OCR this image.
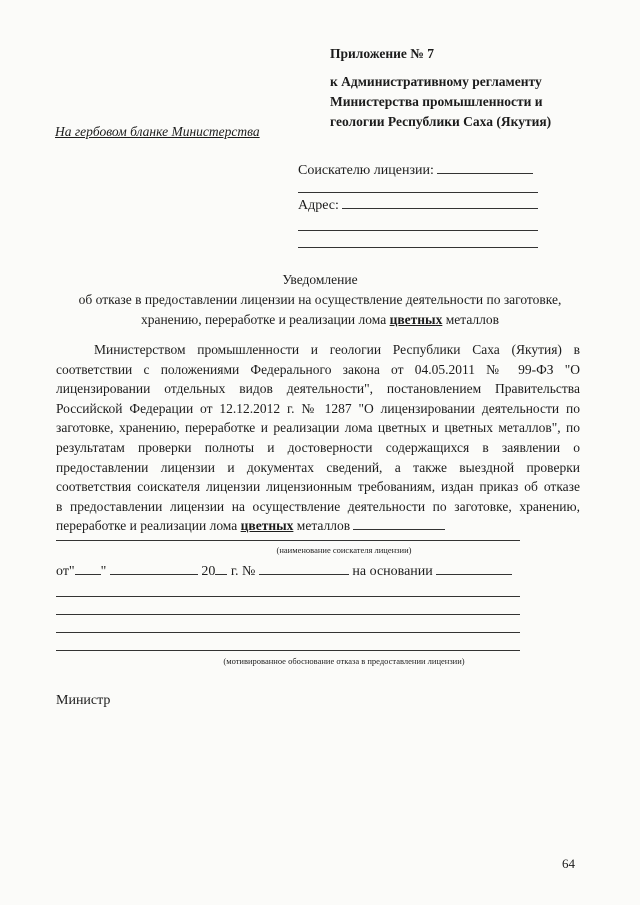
Приложение № 7
к Административному регламенту
Министерства промышленности и
геологии Республики Саха (Якутия)
На гербовом бланке Министерства
Соискателю лицензии:
Адрес:
Уведомление
об отказе в предоставлении лицензии на осуществление деятельности по заготовке,
хранению, переработке и реализации лома цветных металлов
Министерством промышленности и геологии Республики Саха (Якутия) в
соответствии с положениями Федерального закона от 04.05.2011 № 99-ФЗ "О
лицензировании отдельных видов деятельности", постановлением Правительства
Российской Федерации от 12.12.2012 г. № 1287 "О лицензировании деятельности по
заготовке, хранению, переработке и реализации лома цветных и цветных металлов", по
результатам проверки полноты и достоверности содержащихся в заявлении о
предоставлении лицензии и документах сведений, а также выездной проверки
соответствия соискателя лицензии лицензионным требованиям, издан приказ об отказе
в предоставлении лицензии на осуществление деятельности по заготовке, хранению,
переработке и реализации лома цветных металлов
(наименование соискателя лицензии)
от" "	20 г. №	на основании
(мотивированное обоснование отказа в предоставлении лицензии)
Министр
64
